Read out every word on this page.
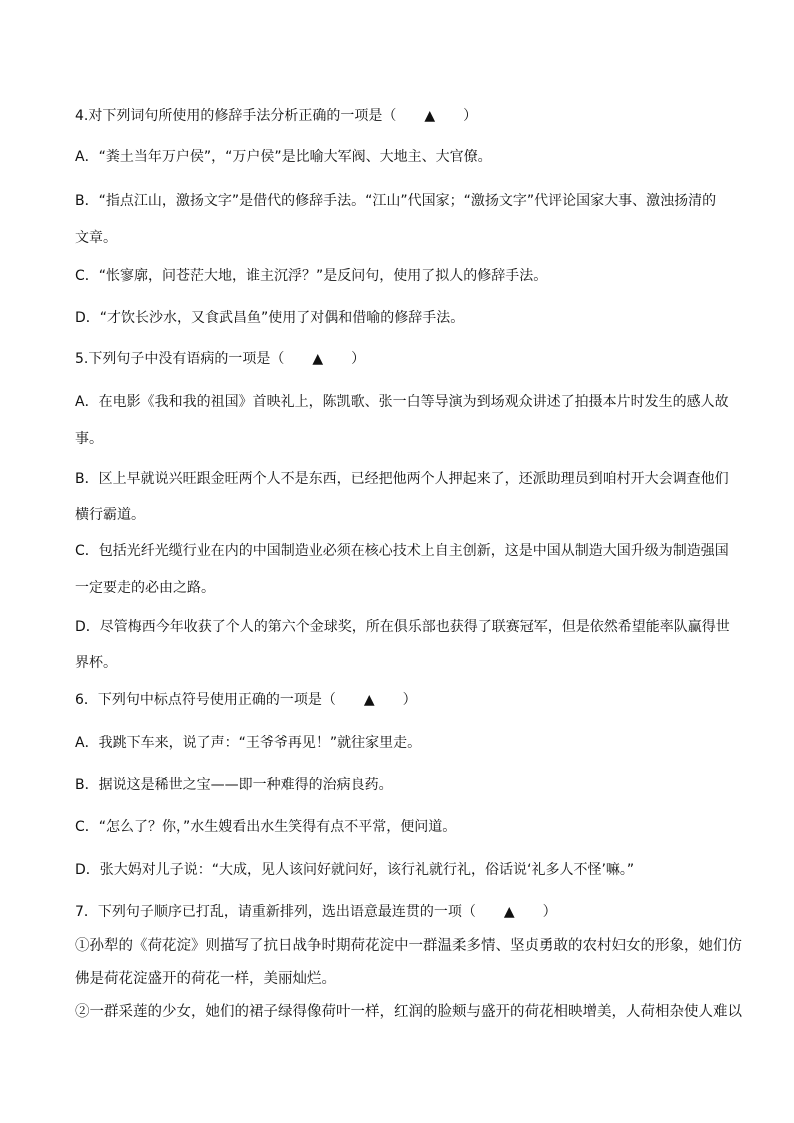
4.对下列词句所使用的修辞手法分析正确的一项是（　　▲　　）
A．“粪土当年万户侯”，“万户侯”是比喻大军阀、大地主、大官僚。
B．“指点江山，激扬文字”是借代的修辞手法。“江山”代国家；“激扬文字”代评论国家大事、激浊扬清的
文章。
C．“怅寥廓，问苍茫大地，谁主沉浮？”是反问句，使用了拟人的修辞手法。
D．“才饮长沙水，又食武昌鱼”使用了对偶和借喻的修辞手法。
5.下列句子中没有语病的一项是（　　▲　　）
A．在电影《我和我的祖国》首映礼上，陈凯歌、张一白等导演为到场观众讲述了拍摄本片时发生的感人故
事。
B．区上早就说兴旺跟金旺两个人不是东西，已经把他两个人押起来了，还派助理员到咱村开大会调查他们
横行霸道。
C．包括光纤光缆行业在内的中国制造业必须在核心技术上自主创新，这是中国从制造大国升级为制造强国
一定要走的必由之路。
D．尽管梅西今年收获了个人的第六个金球奖，所在俱乐部也获得了联赛冠军，但是依然希望能率队赢得世
界杯。
6．下列句中标点符号使用正确的一项是（　　▲　　）
A．我跳下车来，说了声：“王爷爷再见！”就往家里走。
B．据说这是稀世之宝——即一种难得的治病良药。
C．“怎么了？你，”水生嫂看出水生笑得有点不平常，便问道。
D．张大妈对儿子说：“大成，见人该问好就问好，该行礼就行礼，俗话说‘礼多人不怪’嘛。”
7．下列句子顺序已打乱，请重新排列，选出语意最连贯的一项（　　▲　　）
①孙犁的《荷花淀》则描写了抗日战争时期荷花淀中一群温柔多情、坚贞勇敢的农村妇女的形象，她们仿
佛是荷花淀盛开的荷花一样，美丽灿烂。
②一群采莲的少女，她们的裙子绿得像荷叶一样，红润的脸颊与盛开的荷花相映增美，人荷相杂使人难以
